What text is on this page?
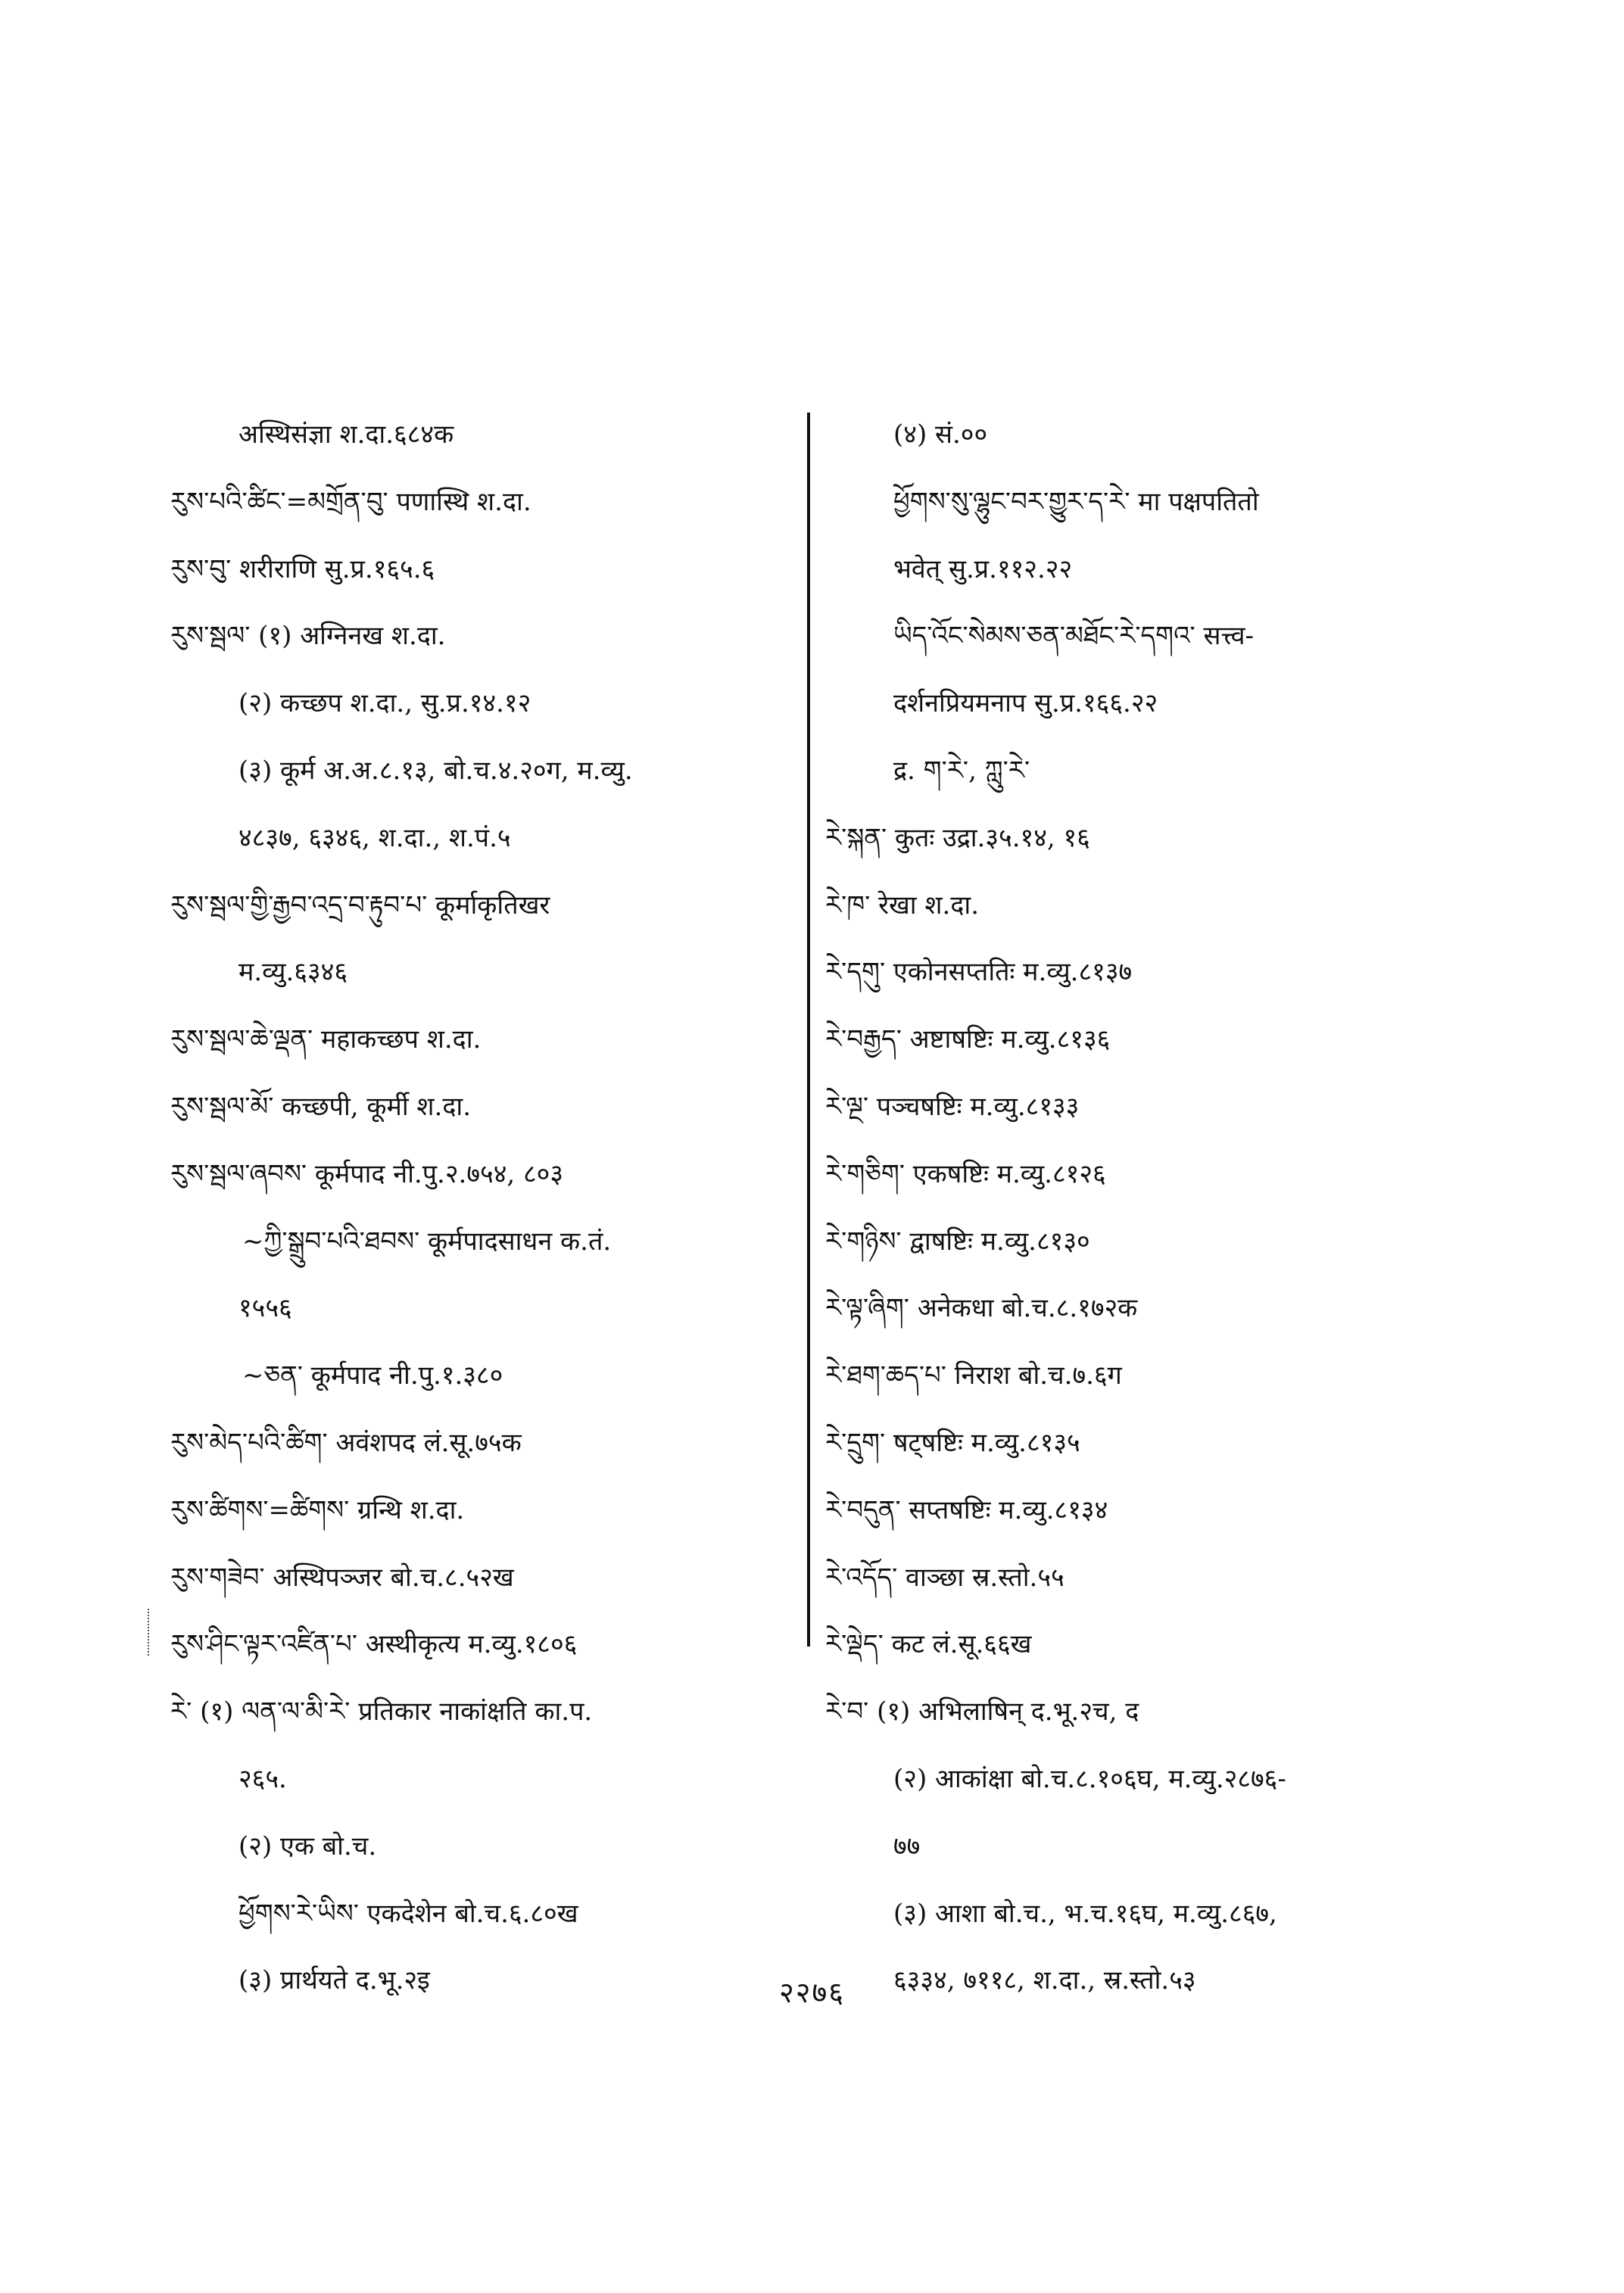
अस्थिसंज्ञा श.दा.६८४क
རུས་པའི་ཚིང་=མགྲོན་བུ་ पणास्थि श.दा.
རུས་བུ་ शरीराणि सु.प्र.१६५.६
རུས་སྦལ་ (१) अग्निनख श.दा.
(२) कच्छप श.दा., सु.प्र.१४.१२
(३) कूर्म अ.अ.८.१३, बो.च.४.२०ग, म.व्यु.
४८३७, ६३४६, श.दा., श.पं.५
རུས་སྦལ་གྱི་རྒྱབ་འདྲ་བ་རྟུབ་པ་ कूर्माकृतिखर
म.व्यु.६३४६
རུས་སྦལ་ཆེ་ལྡན་ महाकच्छप श.दा.
རུས་སྦལ་མོ་ कच्छपी, कूर्मी श.दा.
རུས་སྦལ་ཞབས་ कूर्मपाद नी.पु.२.७५४, ८०३
~ཀྱི་སྒྲུབ་པའི་ཐབས་ कूर्मपादसाधन क.तं.
१५५६
~ཅན་ कूर्मपाद नी.पु.१.३८०
རུས་མེད་པའི་ཚིག་ अवंशपद लं.सू.७५क
རུས་ཚིགས་=ཚིགས་ ग्रन्थि श.दा.
རུས་གཟེབ་ अस्थिपञ्जर बो.च.८.५२ख
རུས་ཤིང་ལྟར་འཛིན་པ་ अस्थीकृत्य म.व्यु.१८०६
རེ་ (१) ལན་ལ་མི་རེ་ प्रतिकार नाकांक्षति का.प.
२६५.
(२) एक बो.च.
ཕྱོགས་རེ་ཡིས་ एकदेशेन बो.च.६.८०ख
(३) प्रार्थयते द.भू.२इ
(४) सं.००
ཕྱོགས་སུ་ལྷུང་བར་གྱུར་ད་རེ་ मा पक्षपतितो
भवेत् सु.प्र.११२.२२
ཡིད་འོང་སེམས་ཅན་མཐོང་རེ་དགའ་ सत्त्व-
दर्शनप्रियमनाप सु.प्र.१६६.२२
द्र. ག་རེ་, ཀླུ་རེ་
རེ་སྐན་ कुतः उद्रा.३५.१४, १६
རེ་ཁ་ रेखा श.दा.
རེ་དགུ་ एकोनसप्ततिः म.व्यु.८१३७
རེ་བརྒྱད་ अष्टाषष्टिः म.व्यु.८१३६
རེ་ལྔ་ पञ्चषष्टिः म.व्यु.८१३३
རེ་གཅིག་ एकषष्टिः म.व्यु.८१२६
རེ་གཉིས་ द्वाषष्टिः म.व्यु.८१३०
རེ་ལྟ་ཞིག་ अनेकधा बो.च.८.१७२क
རེ་ཐག་ཆད་པ་ निराश बो.च.७.६ग
རེ་དྲུག་ षट्षष्टिः म.व्यु.८१३५
རེ་བདུན་ सप्तषष्टिः म.व्यु.८१३४
རེ་འདོད་ वाञ्छा स्र.स्तो.५५
རེ་ལྡེད་ कट लं.सू.६६ख
རེ་བ་ (१) अभिलाषिन् द.भू.२च, द
(२) आकांक्षा बो.च.८.१०६घ, म.व्यु.२८७६-
७७
(३) आशा बो.च., भ.च.१६घ, म.व्यु.८६७,
६३३४, ७११८, श.दा., स्र.स्तो.५३
२२७६
